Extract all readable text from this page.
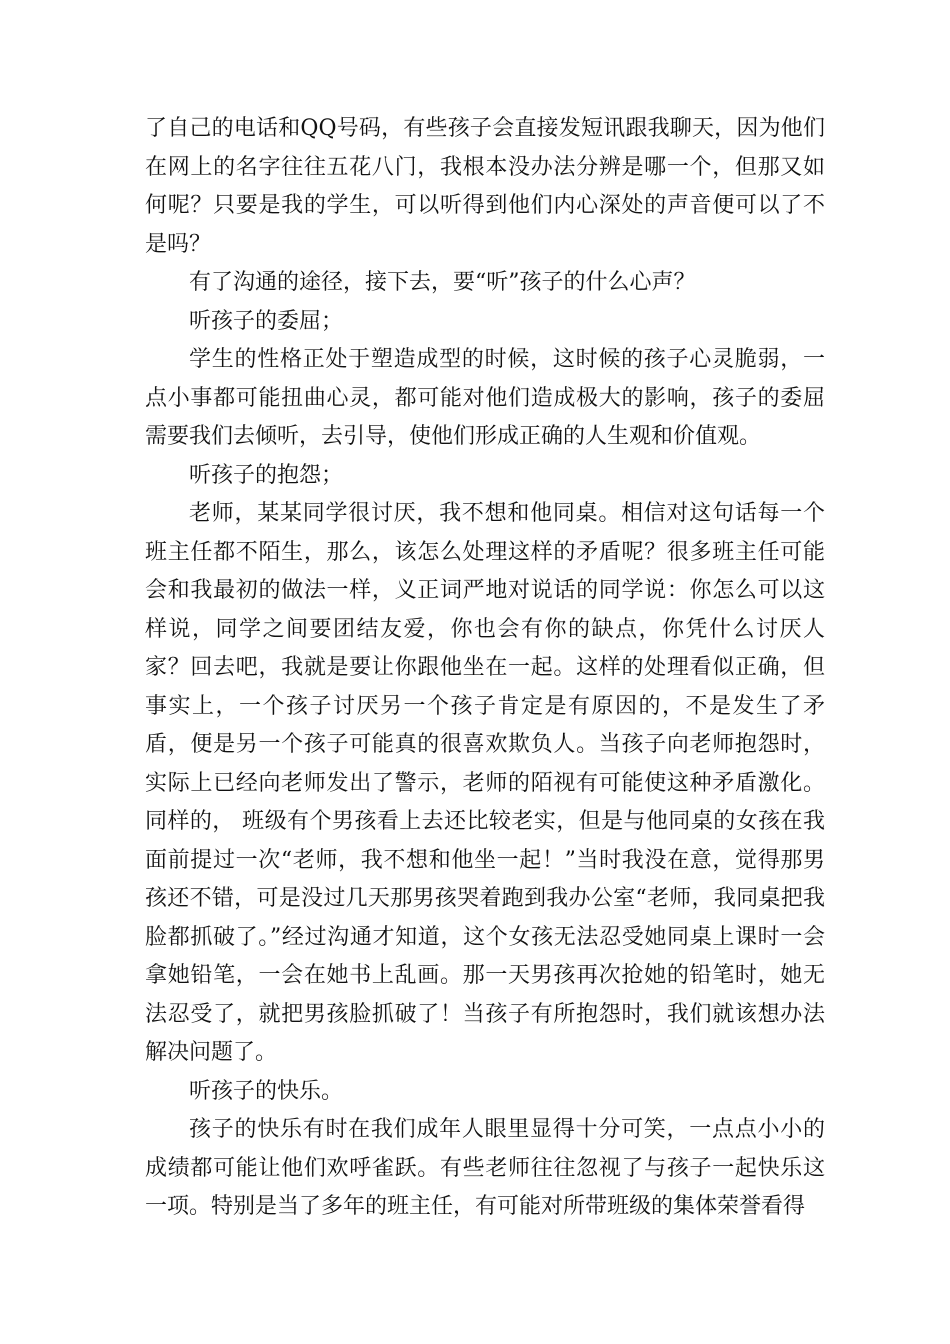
了自己的电话和QQ号码，有些孩子会直接发短讯跟我聊天，因为他们在网上的名字往往五花八门，我根本没办法分辨是哪一个，但那又如何呢？只要是我的学生，可以听得到他们内心深处的声音便可以了不是吗？

有了沟通的途径，接下去，要“听”孩子的什么心声？

听孩子的委屈；

学生的性格正处于塑造成型的时候，这时候的孩子心灵脆弱，一点小事都可能扭曲心灵，都可能对他们造成极大的影响，孩子的委屈需要我们去倾听，去引导，使他们形成正确的人生观和价值观。

听孩子的抱怨；

老师，某某同学很讨厌，我不想和他同桌。相信对这句话每一个班主任都不陌生，那么，该怎么处理这样的矛盾呢？很多班主任可能会和我最初的做法一样，义正词严地对说话的同学说：你怎么可以这样说，同学之间要团结友爱，你也会有你的缺点，你凭什么讨厌人家？回去吧，我就是要让你跟他坐在一起。这样的处理看似正确，但事实上，一个孩子讨厌另一个孩子肯定是有原因的，不是发生了矛盾，便是另一个孩子可能真的很喜欢欺负人。当孩子向老师抱怨时，实际上已经向老师发出了警示，老师的陌视有可能使这种矛盾激化。同样的， 班级有个男孩看上去还比较老实，但是与他同桌的女孩在我面前提过一次“老师，我不想和他坐一起！”当时我没在意，觉得那男孩还不错，可是没过几天那男孩哭着跑到我办公室“老师，我同桌把我脸都抓破了。”经过沟通才知道，这个女孩无法忍受她同桌上课时一会拿她铅笔，一会在她书上乱画。那一天男孩再次抢她的铅笔时，她无法忍受了，就把男孩脸抓破了！当孩子有所抱怨时，我们就该想办法解决问题了。

听孩子的快乐。

孩子的快乐有时在我们成年人眼里显得十分可笑，一点点小小的成绩都可能让他们欢呼雀跃。有些老师往往忽视了与孩子一起快乐这一项。特别是当了多年的班主任，有可能对所带班级的集体荣誉看得
